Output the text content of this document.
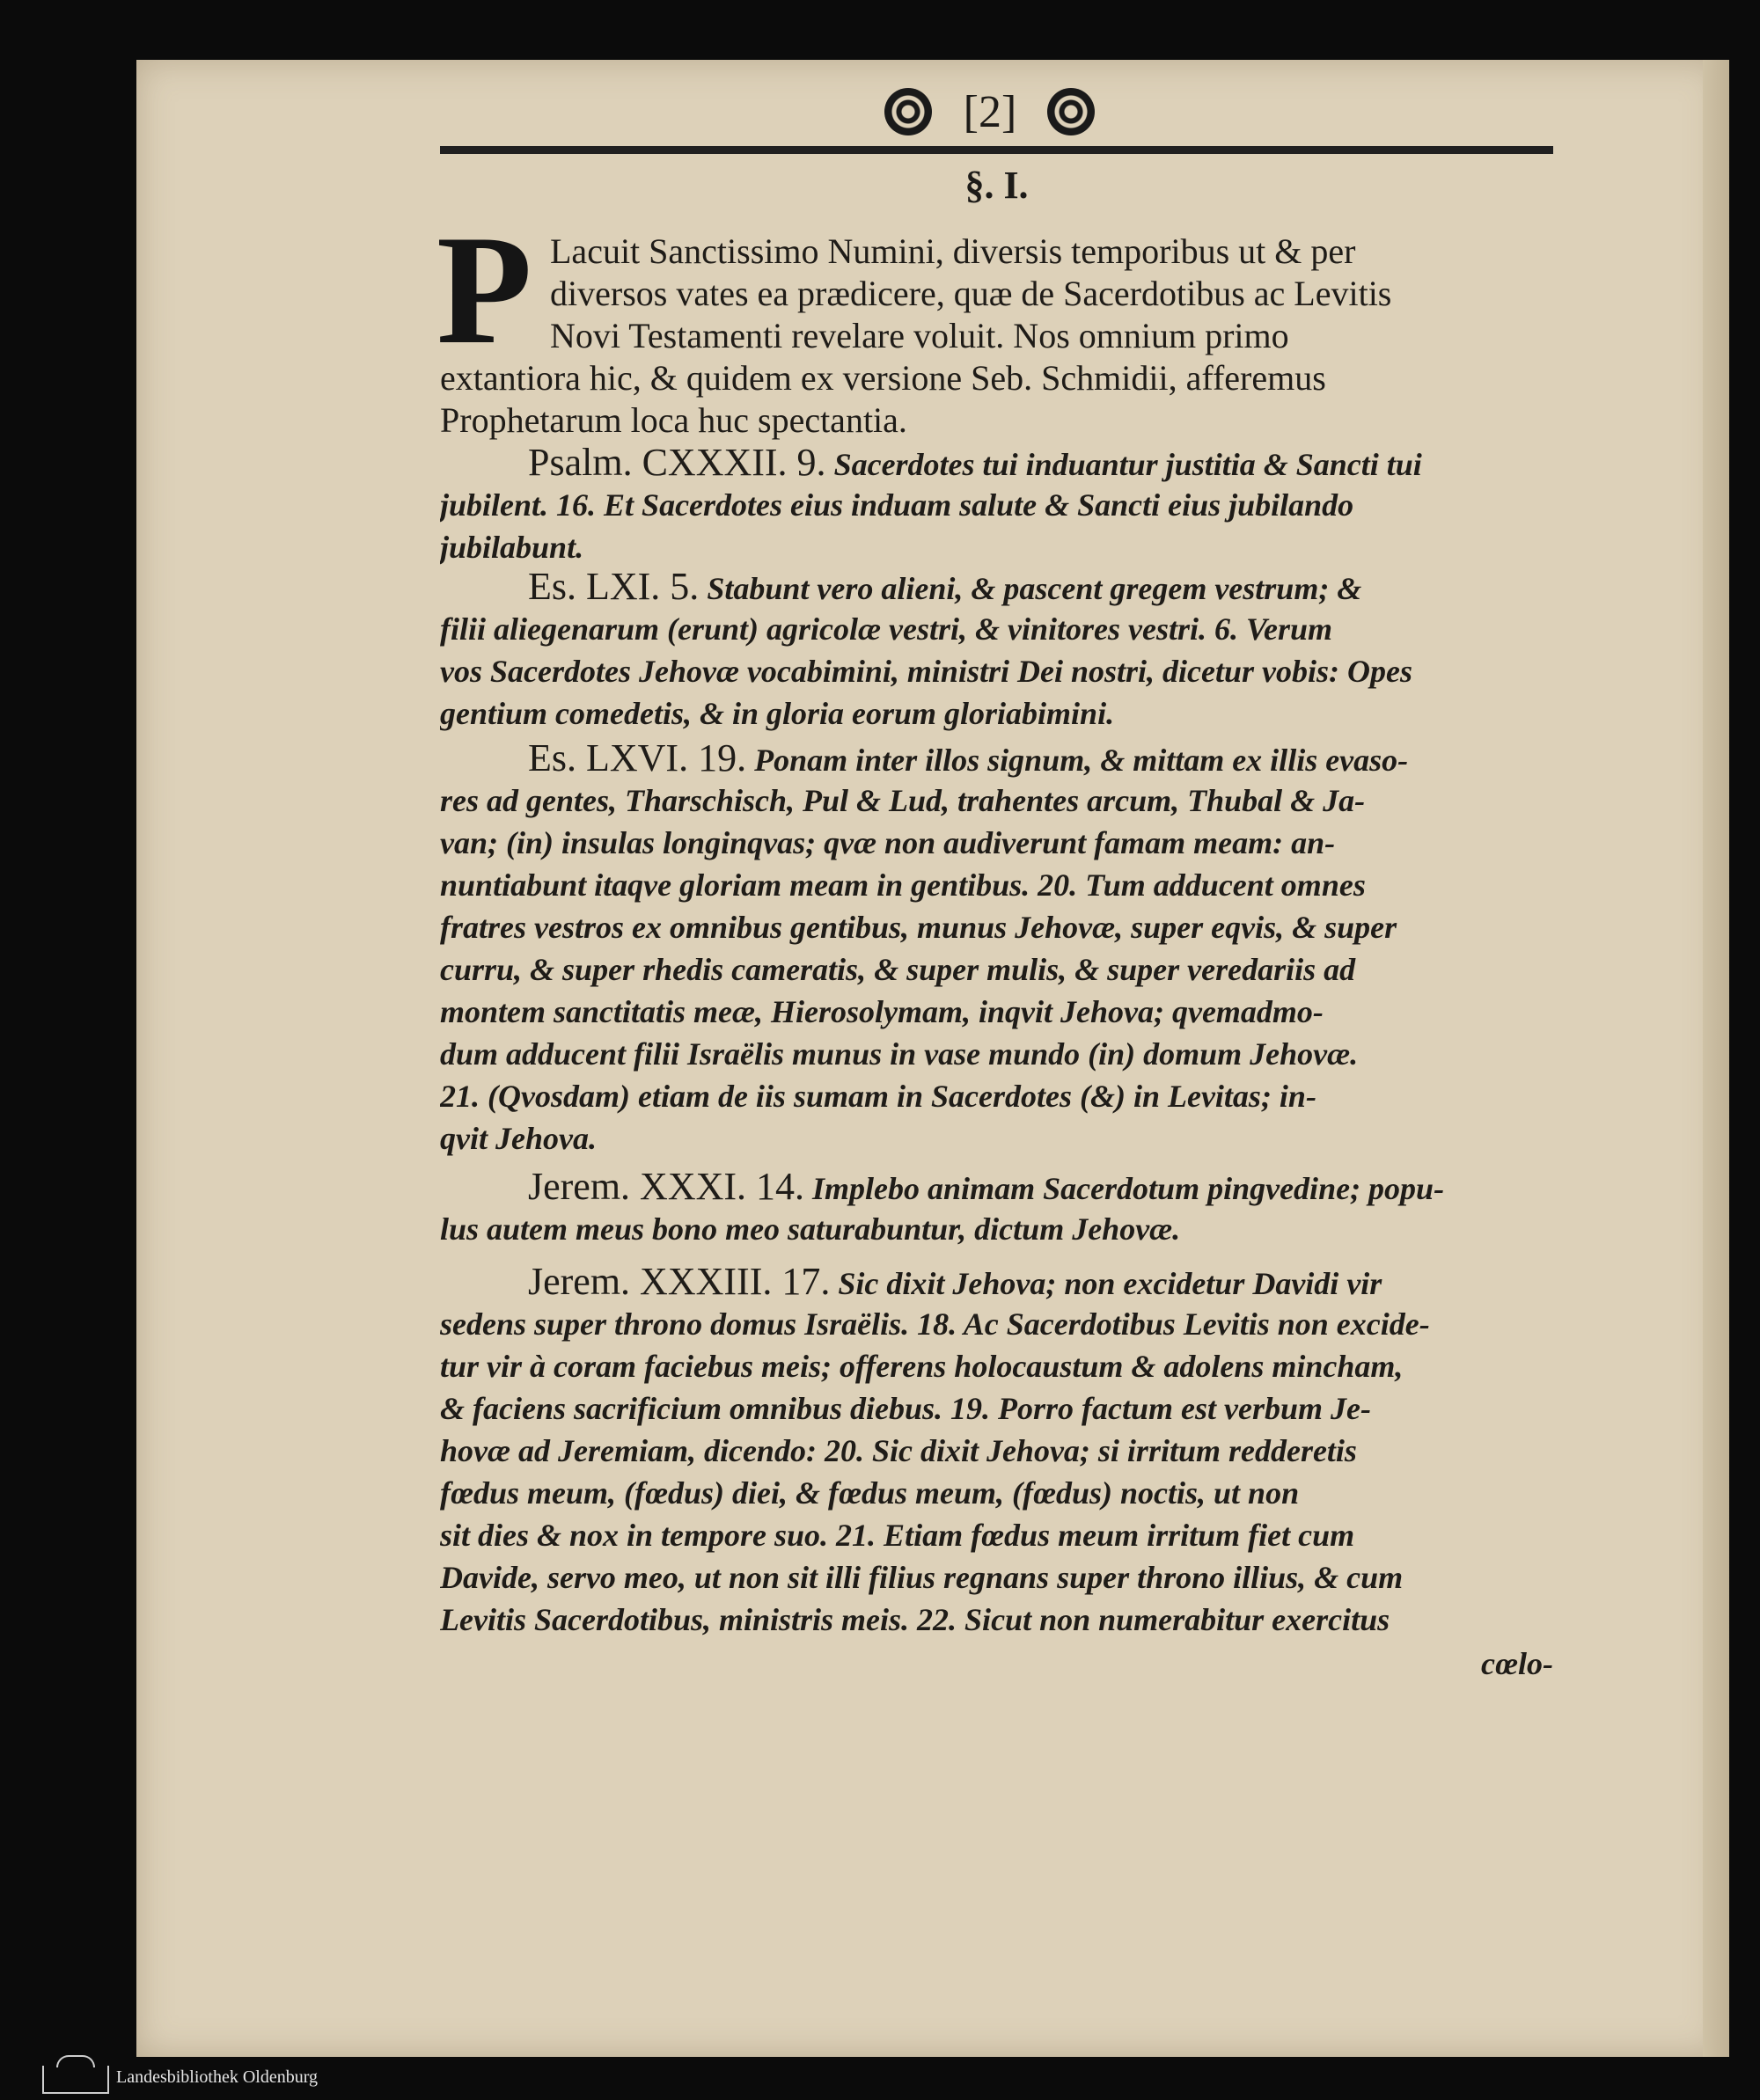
[2]
§. I.
P Lacuit Sanctissimo Numini, diversis temporibus ut & per
diversos vates ea prædicere, quæ de Sacerdotibus ac Levitis
Novi Testamenti revelare voluit. Nos omnium primo
extantiora hic, & quidem ex versione Seb. Schmidii, afferemus
Prophetarum loca huc spectantia.
Psalm. CXXXII. 9. Sacerdotes tui induantur justitia & Sancti tui
jubilent. 16. Et Sacerdotes eius induam salute & Sancti eius jubilando
jubilabunt.
Es. LXI. 5. Stabunt vero alieni, & pascent gregem vestrum; &
filii aliegenarum (erunt) agricolæ vestri, & vinitores vestri. 6. Verum
vos Sacerdotes Jehovæ vocabimini, ministri Dei nostri, dicetur vobis: Opes
gentium comedetis, & in gloria eorum gloriabimini.
Es. LXVI. 19. Ponam inter illos signum, & mittam ex illis evaso-
res ad gentes, Tharschisch, Pul & Lud, trahentes arcum, Thubal & Ja-
van; (in) insulas longinqvas; qvæ non audiverunt famam meam: an-
nuntiabunt itaqve gloriam meam in gentibus. 20. Tum adducent omnes
fratres vestros ex omnibus gentibus, munus Jehovæ, super eqvis, & super
curru, & super rhedis cameratis, & super mulis, & super veredariis ad
montem sanctitatis meæ, Hierosolymam, inqvit Jehova; qvemadmo-
dum adducent filii Israëlis munus in vase mundo (in) domum Jehovæ.
21. (Qvosdam) etiam de iis sumam in Sacerdotes (&) in Levitas; in-
qvit Jehova.
Jerem. XXXI. 14. Implebo animam Sacerdotum pingvedine; popu-
lus autem meus bono meo saturabuntur, dictum Jehovæ.
Jerem. XXXIII. 17. Sic dixit Jehova; non excidetur Davidi vir
sedens super throno domus Israëlis. 18. Ac Sacerdotibus Levitis non excide-
tur vir à coram faciebus meis; offerens holocaustum & adolens mincham,
& faciens sacrificium omnibus diebus. 19. Porro factum est verbum Je-
hovæ ad Jeremiam, dicendo: 20. Sic dixit Jehova; si irritum redderetis
fœdus meum, (fœdus) diei, & fœdus meum, (fœdus) noctis, ut non
sit dies & nox in tempore suo. 21. Etiam fœdus meum irritum fiet cum
Davide, servo meo, ut non sit illi filius regnans super throno illius, & cum
Levitis Sacerdotibus, ministris meis. 22. Sicut non numerabitur exercitus
cœlo-
Landesbibliothek Oldenburg
